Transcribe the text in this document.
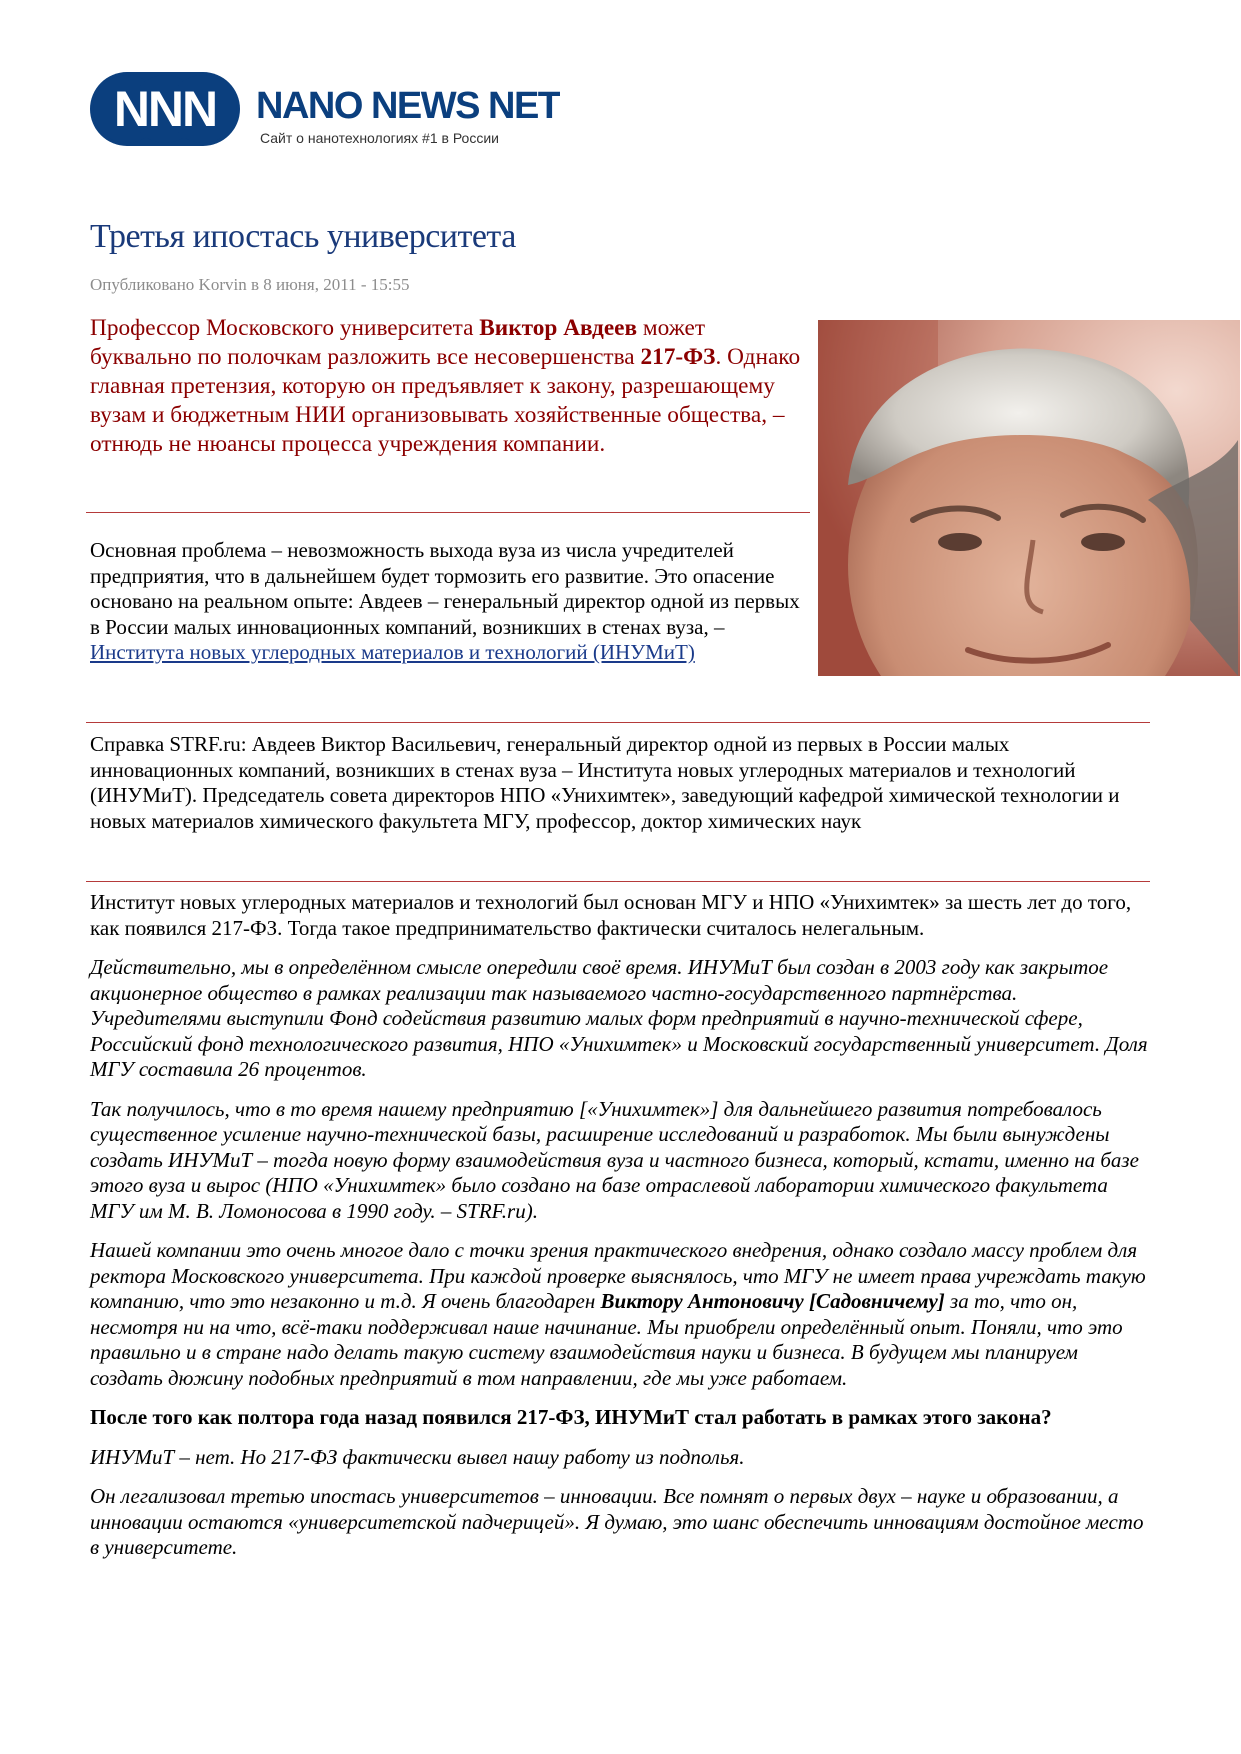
NNN NANO NEWS NET
Сайт о нанотехнологиях #1 в России
Третья ипостась университета
Опубликовано Korvin в 8 июня, 2011 - 15:55
Профессор Московского университета Виктор Авдеев может буквально по полочкам разложить все несовершенства 217-ФЗ. Однако главная претензия, которую он предъявляет к закону, разрешающему вузам и бюджетным НИИ организовывать хозяйственные общества, – отнюдь не нюансы процесса учреждения компании.
Основная проблема – невозможность выхода вуза из числа учредителей предприятия, что в дальнейшем будет тормозить его развитие. Это опасение основано на реальном опыте: Авдеев – генеральный директор одной из первых в России малых инновационных компаний, возникших в стенах вуза, – Института новых углеродных материалов и технологий (ИНУМиТ)
Справка STRF.ru: Авдеев Виктор Васильевич, генеральный директор одной из первых в России малых инновационных компаний, возникших в стенах вуза – Института новых углеродных материалов и технологий (ИНУМиТ). Председатель совета директоров НПО «Унихимтек», заведующий кафедрой химической технологии и новых материалов химического факультета МГУ, профессор, доктор химических наук

Институт новых углеродных материалов и технологий был основан МГУ и НПО «Унихимтек» за шесть лет до того, как появился 217-ФЗ. Тогда такое предпринимательство фактически считалось нелегальным.

Действительно, мы в определённом смысле опередили своё время. ИНУМиТ был создан в 2003 году как закрытое акционерное общество в рамках реализации так называемого частно-государственного партнёрства. Учредителями выступили Фонд содействия развитию малых форм предприятий в научно-технической сфере, Российский фонд технологического развития, НПО «Унихимтек» и Московский государственный университет. Доля МГУ составила 26 процентов.

Так получилось, что в то время нашему предприятию [«Унихимтек»] для дальнейшего развития потребовалось существенное усиление научно-технической базы, расширение исследований и разработок. Мы были вынуждены создать ИНУМиТ – тогда новую форму взаимодействия вуза и частного бизнеса, который, кстати, именно на базе этого вуза и вырос (НПО «Унихимтек» было создано на базе отраслевой лаборатории химического факультета МГУ им М. В. Ломоносова в 1990 году. – STRF.ru).

Нашей компании это очень многое дало с точки зрения практического внедрения, однако создало массу проблем для ректора Московского университета. При каждой проверке выяснялось, что МГУ не имеет права учреждать такую компанию, что это незаконно и т.д. Я очень благодарен Виктору Антоновичу [Садовничему] за то, что он, несмотря ни на что, всё-таки поддерживал наше начинание. Мы приобрели определённый опыт. Поняли, что это правильно и в стране надо делать такую систему взаимодействия науки и бизнеса. В будущем мы планируем создать дюжину подобных предприятий в том направлении, где мы уже работаем.

После того как полтора года назад появился 217-ФЗ, ИНУМиТ стал работать в рамках этого закона?

ИНУМиТ – нет. Но 217-ФЗ фактически вывел нашу работу из подполья.

Он легализовал третью ипостась университетов – инновации. Все помнят о первых двух – науке и образовании, а инновации остаются «университетской падчерицей». Я думаю, это шанс обеспечить инновациям достойное место в университете.
